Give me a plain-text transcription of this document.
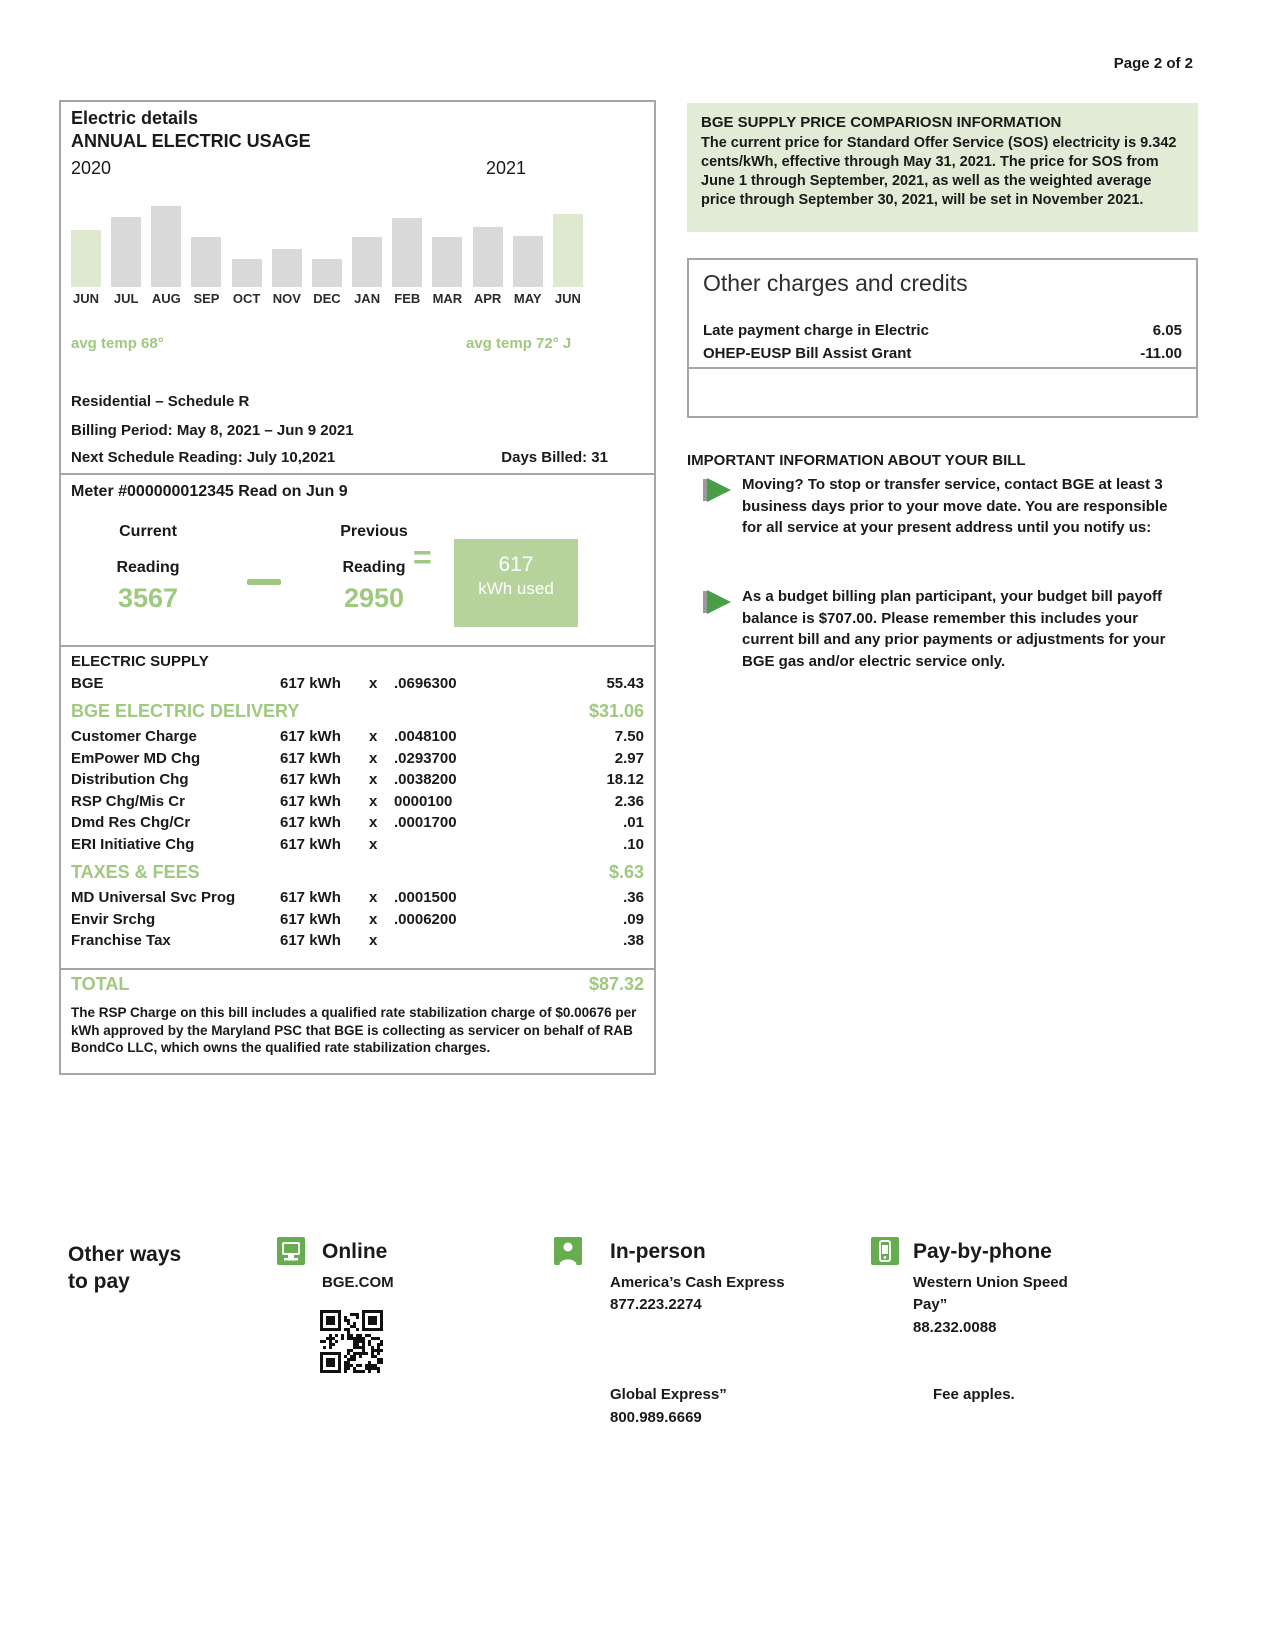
Page 2 of 2
Electric details
ANNUAL ELECTRIC USAGE
2020	2021
JUN JUL AUG SEP OCT NOV DEC JAN FEB MAR APR MAY JUN
avg temp 68°	avg temp 72° J
Residential – Schedule R
Billing Period: May 8, 2021 – Jun 9 2021
Next Schedule Reading: July 10,2021	Days Billed: 31
Meter #000000012345 Read on Jun 9
Current
Reading
3567
Previous
Reading
2950
=	617
kWh used
ELECTRIC SUPPLY
BGE	617 kWh x .0696300	55.43
BGE ELECTRIC DELIVERY	$31.06
Customer Charge	617 kWh x .0048100	7.50
EmPower MD Chg	617 kWh x .0293700	2.97
Distribution Chg	617 kWh x .0038200	18.12
RSP Chg/Mis Cr	617 kWh x 0000100	2.36
Dmd Res Chg/Cr	617 kWh x .0001700	.01
ERI Initiative Chg	617 kWh x	.10
TAXES & FEES	$.63
MD Universal Svc Prog	617 kWh x .0001500	.36
Envir Srchg	617 kWh x .0006200	.09
Franchise Tax	617 kWh x	.38
TOTAL	$87.32
The RSP Charge on this bill includes a qualified rate stabilization charge of $0.00676 per kWh approved by the Maryland PSC that BGE is collecting as servicer on behalf of RAB BondCo LLC, which owns the qualified rate stabilization charges.
BGE SUPPLY PRICE COMPARIOSN INFORMATION
The current price for Standard Offer Service (SOS) electricity is 9.342 cents/kWh, effective through May 31, 2021. The price for SOS from June 1 through September, 2021, as well as the weighted average price through September 30, 2021, will be set in November 2021.
Other charges and credits
Late payment charge in Electric	6.05
OHEP-EUSP Bill Assist Grant	-11.00
IMPORTANT INFORMATION ABOUT YOUR BILL
Other ways
to pay
Online
BGE.COM
In-person
America’s Cash Express
877.223.2274
Global Express”
800.989.6669
Pay-by-phone
Western Union Speed
Pay”
88.232.0088
Fee apples.
Moving? To stop or transfer service, contact BGE at least 3 business days prior to your move date. You are responsible for all service at your present address until you notify us:
As a budget billing plan participant, your budget bill payoff balance is $707.00. Please remember this includes your current bill and any prior payments or adjustments for your BGE gas and/or electric service only.
